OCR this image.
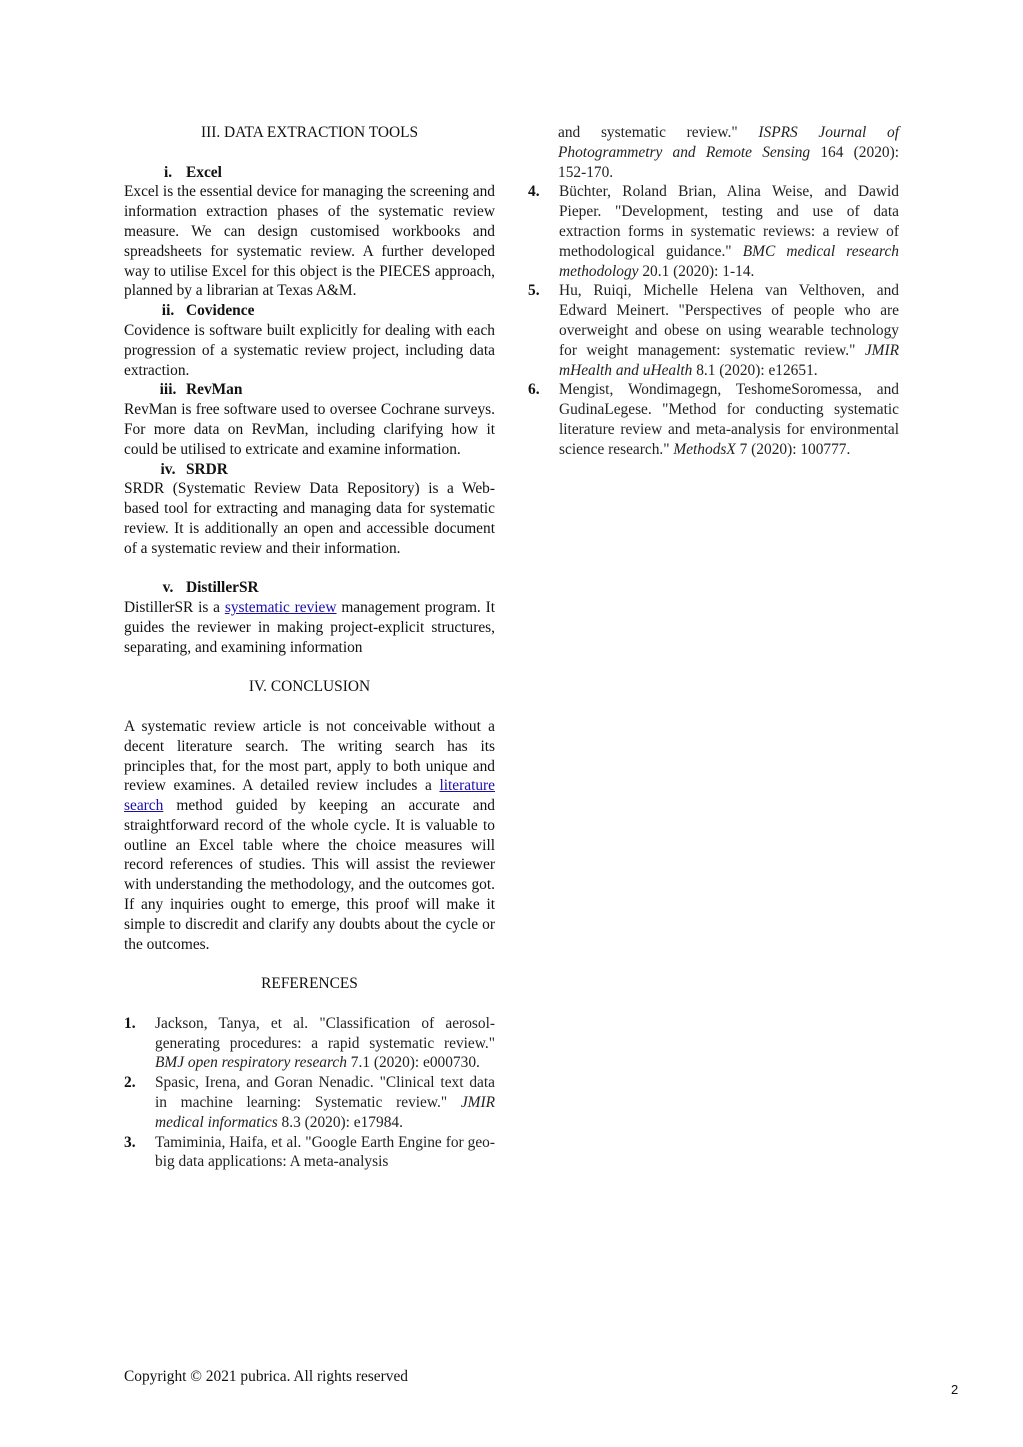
III. DATA EXTRACTION TOOLS
i. Excel

Excel is the essential device for managing the screening and information extraction phases of the systematic review measure. We can design customised workbooks and spreadsheets for systematic review. A further developed way to utilise Excel for this object is the PIECES approach, planned by a librarian at Texas A&M.

ii. Covidence

Covidence is software built explicitly for dealing with each progression of a systematic review project, including data extraction.

iii. RevMan

RevMan is free software used to oversee Cochrane surveys. For more data on RevMan, including clarifying how it could be utilised to extricate and examine information.

iv. SRDR

SRDR (Systematic Review Data Repository) is a Web-based tool for extracting and managing data for systematic review. It is additionally an open and accessible document of a systematic review and their information.

v. DistillerSR

DistillerSR is a systematic review management program. It guides the reviewer in making project-explicit structures, separating, and examining information

IV. CONCLUSION

A systematic review article is not conceivable without a decent literature search. The writing search has its principles that, for the most part, apply to both unique and review examines. A detailed review includes a literature search method guided by keeping an accurate and straightforward record of the whole cycle. It is valuable to outline an Excel table where the choice measures will record references of studies. This will assist the reviewer with understanding the methodology, and the outcomes got. If any inquiries ought to emerge, this proof will make it simple to discredit and clarify any doubts about the cycle or the outcomes.

REFERENCES
1.	Jackson, Tanya, et al. "Classification of aerosol-generating procedures: a rapid systematic review." BMJ open respiratory research 7.1 (2020): e000730.
2.	Spasic, Irena, and Goran Nenadic. "Clinical text data in machine learning: Systematic review." JMIR medical informatics 8.3 (2020): e17984.
3.	Tamiminia, Haifa, et al. "Google Earth Engine for geo-big data applications: A meta-analysis
and systematic review." ISPRS Journal of Photogrammetry and Remote Sensing 164 (2020): 152-170.
4.	Büchter, Roland Brian, Alina Weise, and Dawid Pieper. "Development, testing and use of data extraction forms in systematic reviews: a review of methodological guidance." BMC medical research methodology 20.1 (2020): 1-14.
5.	Hu, Ruiqi, Michelle Helena van Velthoven, and Edward Meinert. "Perspectives of people who are overweight and obese on using wearable technology for weight management: systematic review." JMIR mHealth and uHealth 8.1 (2020): e12651.
6.	Mengist, Wondimagegn, TeshomeSoromessa, and GudinaLegese. "Method for conducting systematic literature review and meta-analysis for environmental science research." MethodsX 7 (2020): 100777.
Copyright © 2021 pubrica. All rights reserved
2
